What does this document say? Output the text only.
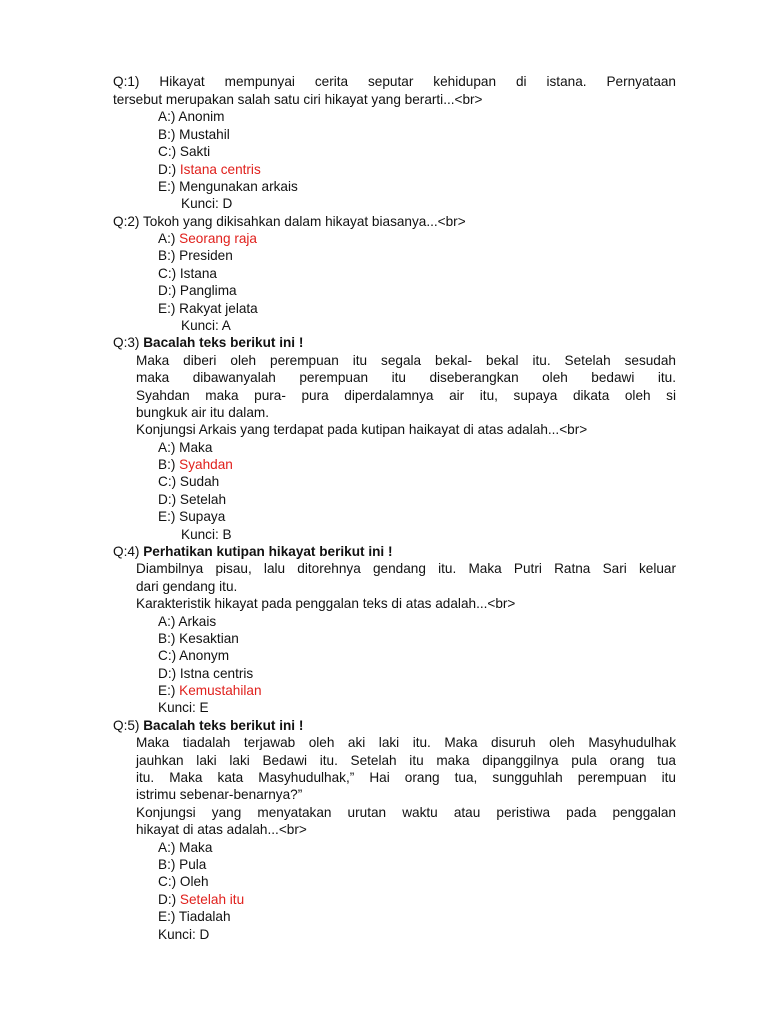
Q:1) Hikayat mempunyai cerita seputar kehidupan di istana. Pernyataan
tersebut merupakan salah satu ciri hikayat yang berarti...<br>
A:) Anonim
B:) Mustahil
C:) Sakti
D:) Istana centris
E:) Mengunakan arkais
Kunci: D
Q:2) Tokoh yang dikisahkan dalam hikayat biasanya...<br>
A:) Seorang raja
B:) Presiden
C:) Istana
D:) Panglima
E:) Rakyat jelata
Kunci: A
Q:3) Bacalah teks berikut ini !
Maka diberi oleh perempuan itu segala bekal- bekal itu. Setelah sesudah
maka dibawanyalah perempuan itu diseberangkan oleh bedawi itu.
Syahdan maka pura- pura diperdalamnya air itu, supaya dikata oleh si
bungkuk air itu dalam.
Konjungsi Arkais yang terdapat pada kutipan haikayat di atas adalah...<br>
A:) Maka
B:) Syahdan
C:) Sudah
D:) Setelah
E:) Supaya
Kunci: B
Q:4) Perhatikan kutipan hikayat berikut ini !
Diambilnya pisau, lalu ditorehnya gendang itu. Maka Putri Ratna Sari keluar
dari gendang itu.
Karakteristik hikayat pada penggalan teks di atas adalah...<br>
A:) Arkais
B:) Kesaktian
C:) Anonym
D:) Istna centris
E:) Kemustahilan
Kunci: E
Q:5) Bacalah teks berikut ini !
Maka tiadalah terjawab oleh aki laki itu. Maka disuruh oleh Masyhudulhak
jauhkan laki laki Bedawi itu. Setelah itu maka dipanggilnya pula orang tua
itu. Maka kata Masyhudulhak,” Hai orang tua, sungguhlah perempuan itu
istrimu sebenar-benarnya?”
Konjungsi yang menyatakan urutan waktu atau peristiwa pada penggalan
hikayat di atas adalah...<br>
A:) Maka
B:) Pula
C:) Oleh
D:) Setelah itu
E:) Tiadalah
Kunci: D
